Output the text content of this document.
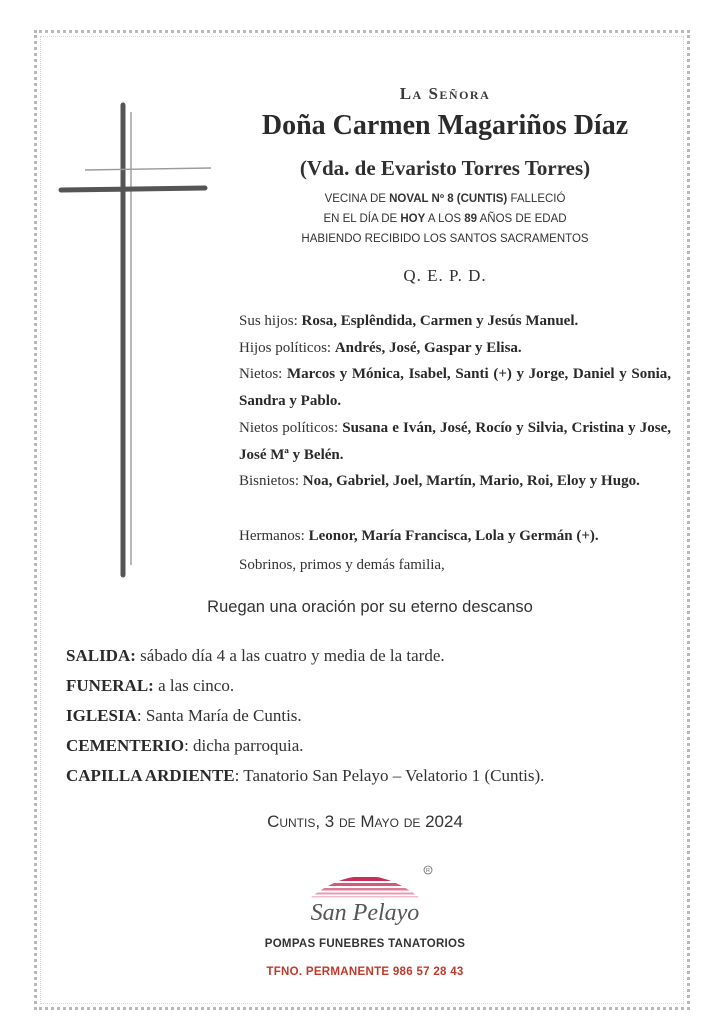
La Señora
Doña Carmen Magariños Díaz
(Vda. de Evaristo Torres Torres)
VECINA DE NOVAL Nº 8 (CUNTIS) FALLECIÓ
EN EL DÍA DE HOY A LOS 89 AÑOS DE EDAD
HABIENDO RECIBIDO LOS SANTOS SACRAMENTOS
Q. E. P. D.
Sus hijos: Rosa, Esplêndida, Carmen y Jesús Manuel.
Hijos políticos: Andrés, José, Gaspar y Elisa.
Nietos: Marcos y Mónica, Isabel, Santi (+) y Jorge, Daniel y Sonia, Sandra y Pablo.
Nietos políticos: Susana e Iván, José, Rocío y Silvia, Cristina y Jose, José Mª y Belén.
Bisnietos: Noa, Gabriel, Joel, Martín, Mario, Roi, Eloy y Hugo.
Hermanos: Leonor, María Francisca, Lola y Germán (+).
Sobrinos, primos y demás familia,
Ruegan una oración por su eterno descanso
SALIDA: sábado día 4 a las cuatro y media de la tarde.
FUNERAL: a las cinco.
IGLESIA: Santa María de Cuntis.
CEMENTERIO: dicha parroquia.
CAPILLA ARDIENTE: Tanatorio San Pelayo – Velatorio 1 (Cuntis).
Cuntis, 3 de Mayo de 2024
R
San Pelayo
POMPAS FUNEBRES TANATORIOS
TFNO. PERMANENTE 986 57 28 43
